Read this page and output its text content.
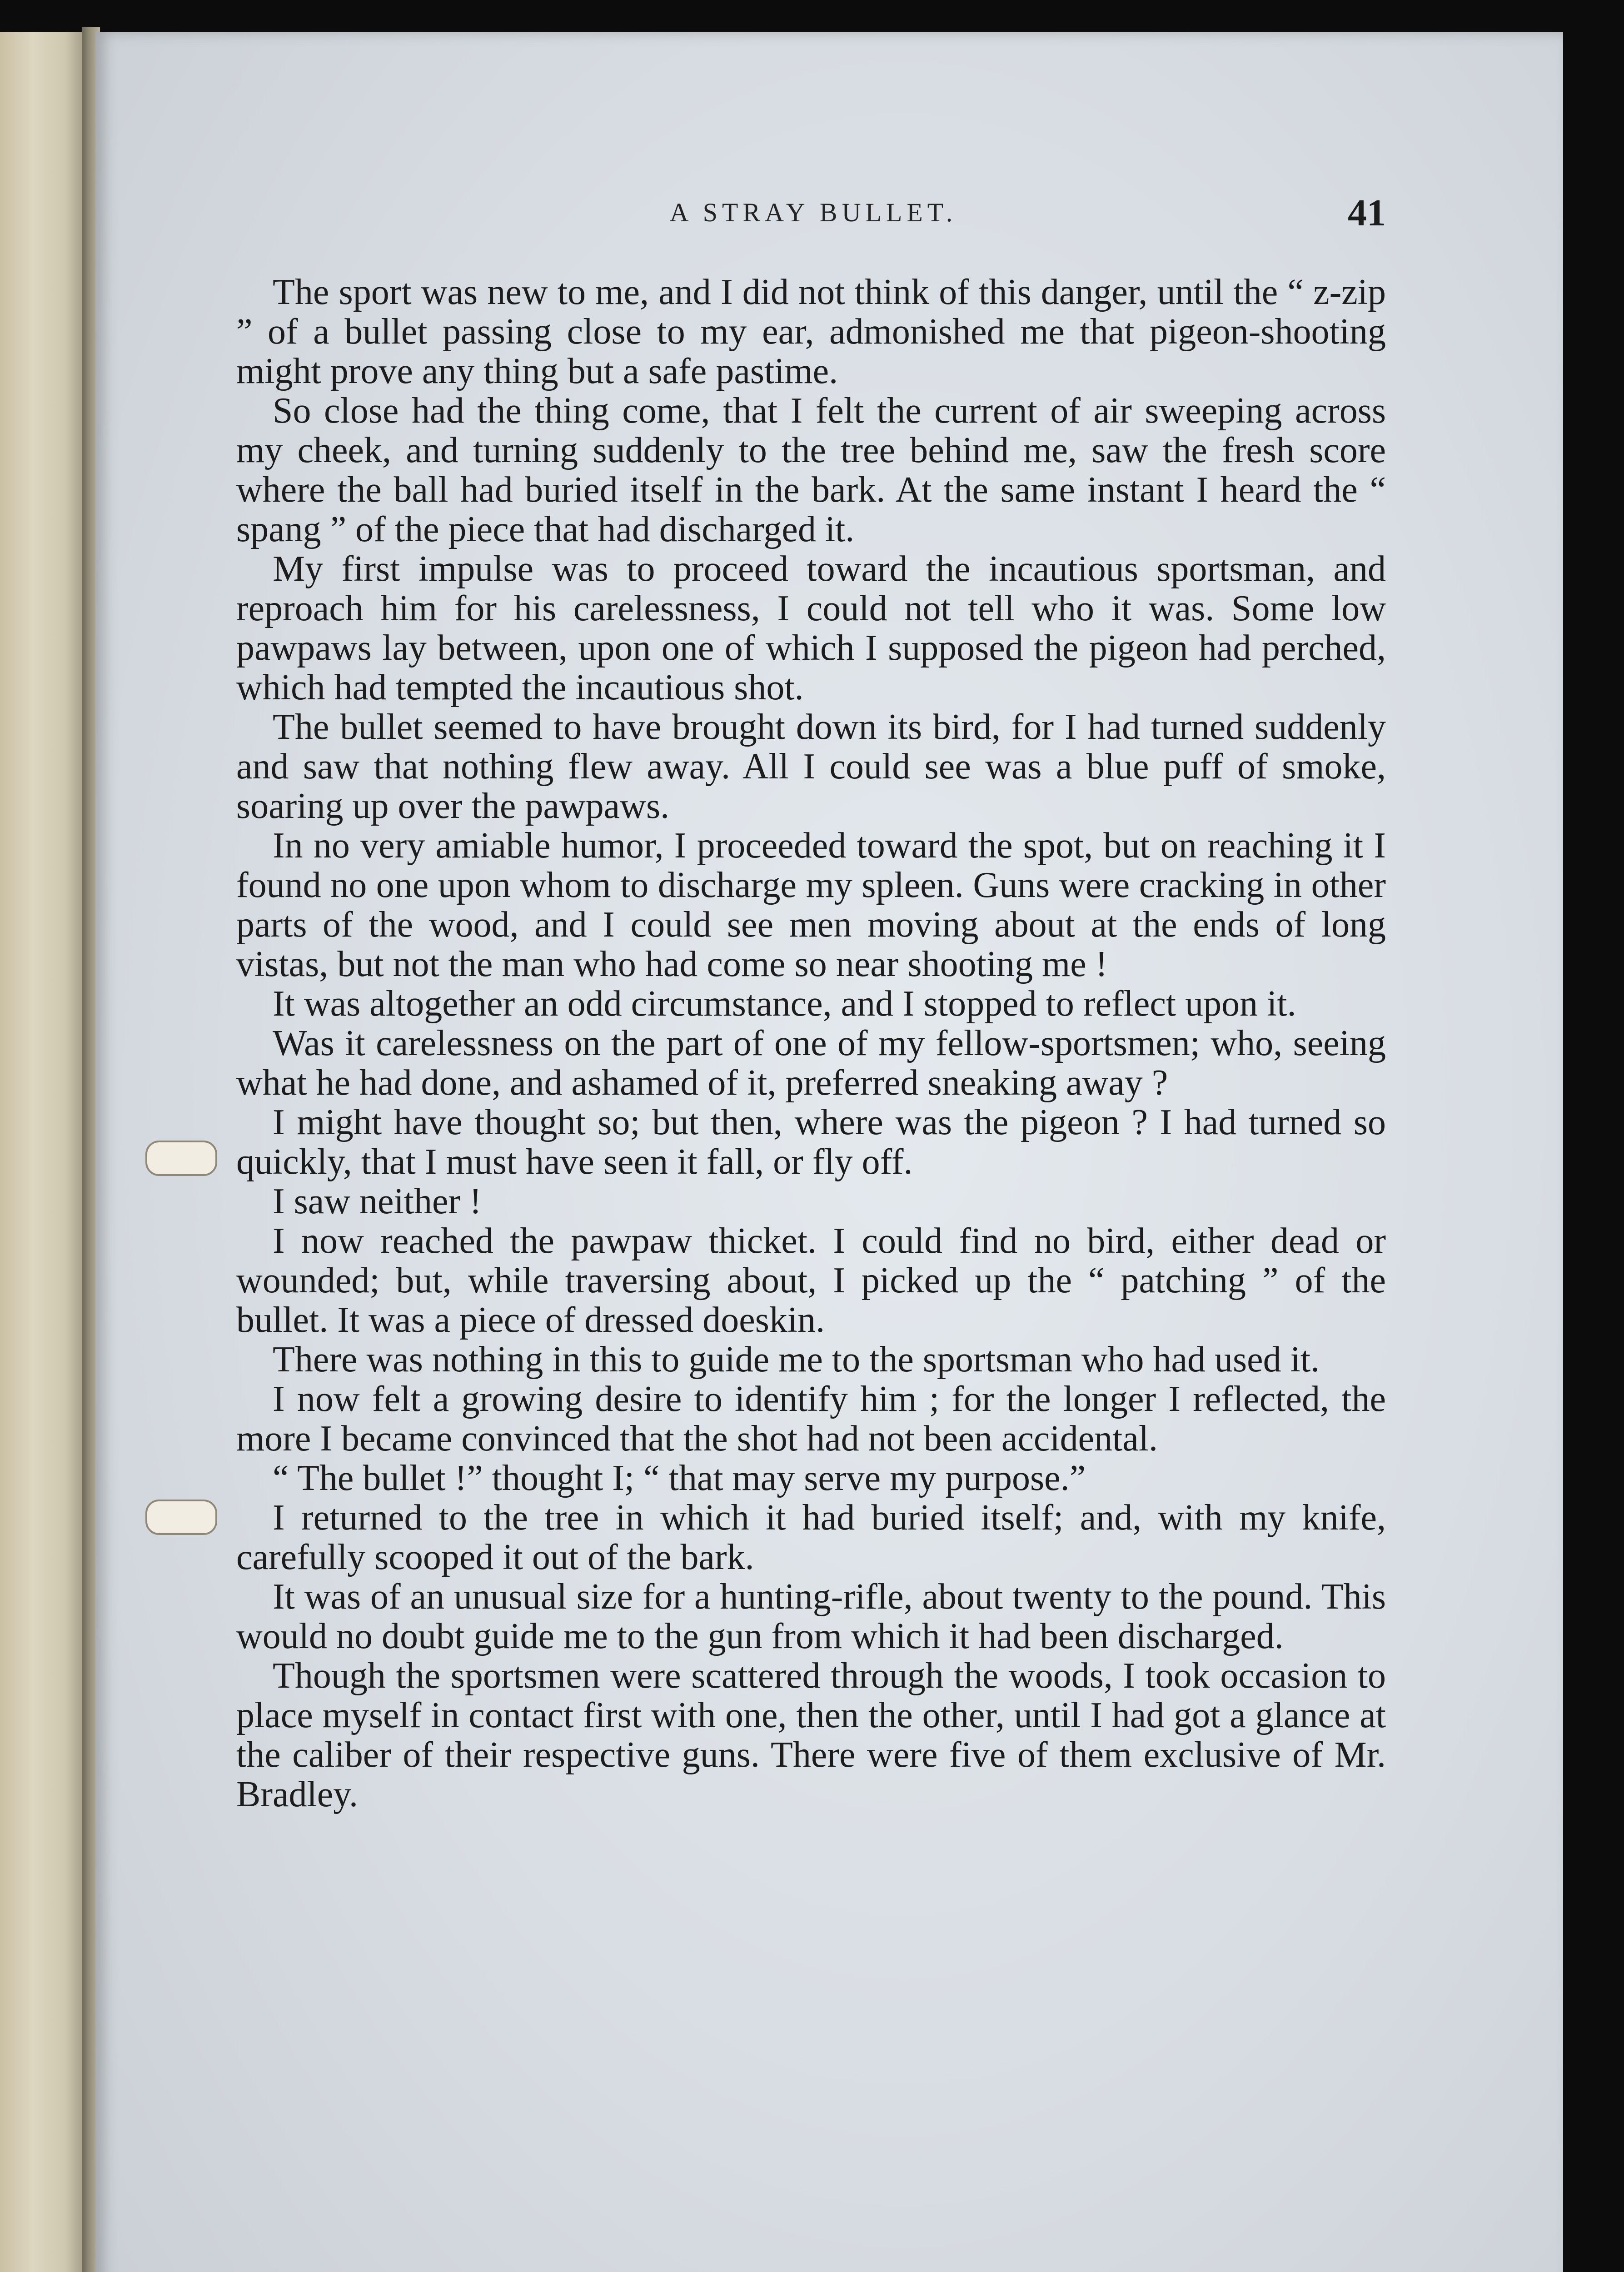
A STRAY BULLET.	41

The sport was new to me, and I did not think of this danger, until the “ z-zip ” of a bullet passing close to my ear, admonished me that pigeon-shooting might prove any thing but a safe pastime.

So close had the thing come, that I felt the current of air sweeping across my cheek, and turning suddenly to the tree behind me, saw the fresh score where the ball had buried itself in the bark. At the same instant I heard the “ spang ” of the piece that had discharged it.

My first impulse was to proceed toward the incautious sportsman, and reproach him for his carelessness, I could not tell who it was. Some low pawpaws lay between, upon one of which I supposed the pigeon had perched, which had tempted the incautious shot.

The bullet seemed to have brought down its bird, for I had turned suddenly and saw that nothing flew away. All I could see was a blue puff of smoke, soaring up over the pawpaws.

In no very amiable humor, I proceeded toward the spot, but on reaching it I found no one upon whom to discharge my spleen. Guns were cracking in other parts of the wood, and I could see men moving about at the ends of long vistas, but not the man who had come so near shooting me !

It was altogether an odd circumstance, and I stopped to reflect upon it.

Was it carelessness on the part of one of my fellow-sportsmen; who, seeing what he had done, and ashamed of it, preferred sneaking away ?

I might have thought so; but then, where was the pigeon ? I had turned so quickly, that I must have seen it fall, or fly off.

I saw neither !

I now reached the pawpaw thicket. I could find no bird, either dead or wounded; but, while traversing about, I picked up the “ patching ” of the bullet. It was a piece of dressed doeskin.

There was nothing in this to guide me to the sportsman who had used it.

I now felt a growing desire to identify him ; for the longer I reflected, the more I became convinced that the shot had not been accidental.

“ The bullet !” thought I; “ that may serve my purpose.”

I returned to the tree in which it had buried itself; and, with my knife, carefully scooped it out of the bark.

It was of an unusual size for a hunting-rifle, about twenty to the pound. This would no doubt guide me to the gun from which it had been discharged.

Though the sportsmen were scattered through the woods, I took occasion to place myself in contact first with one, then the other, until I had got a glance at the caliber of their respective guns. There were five of them exclusive of Mr. Bradley.
